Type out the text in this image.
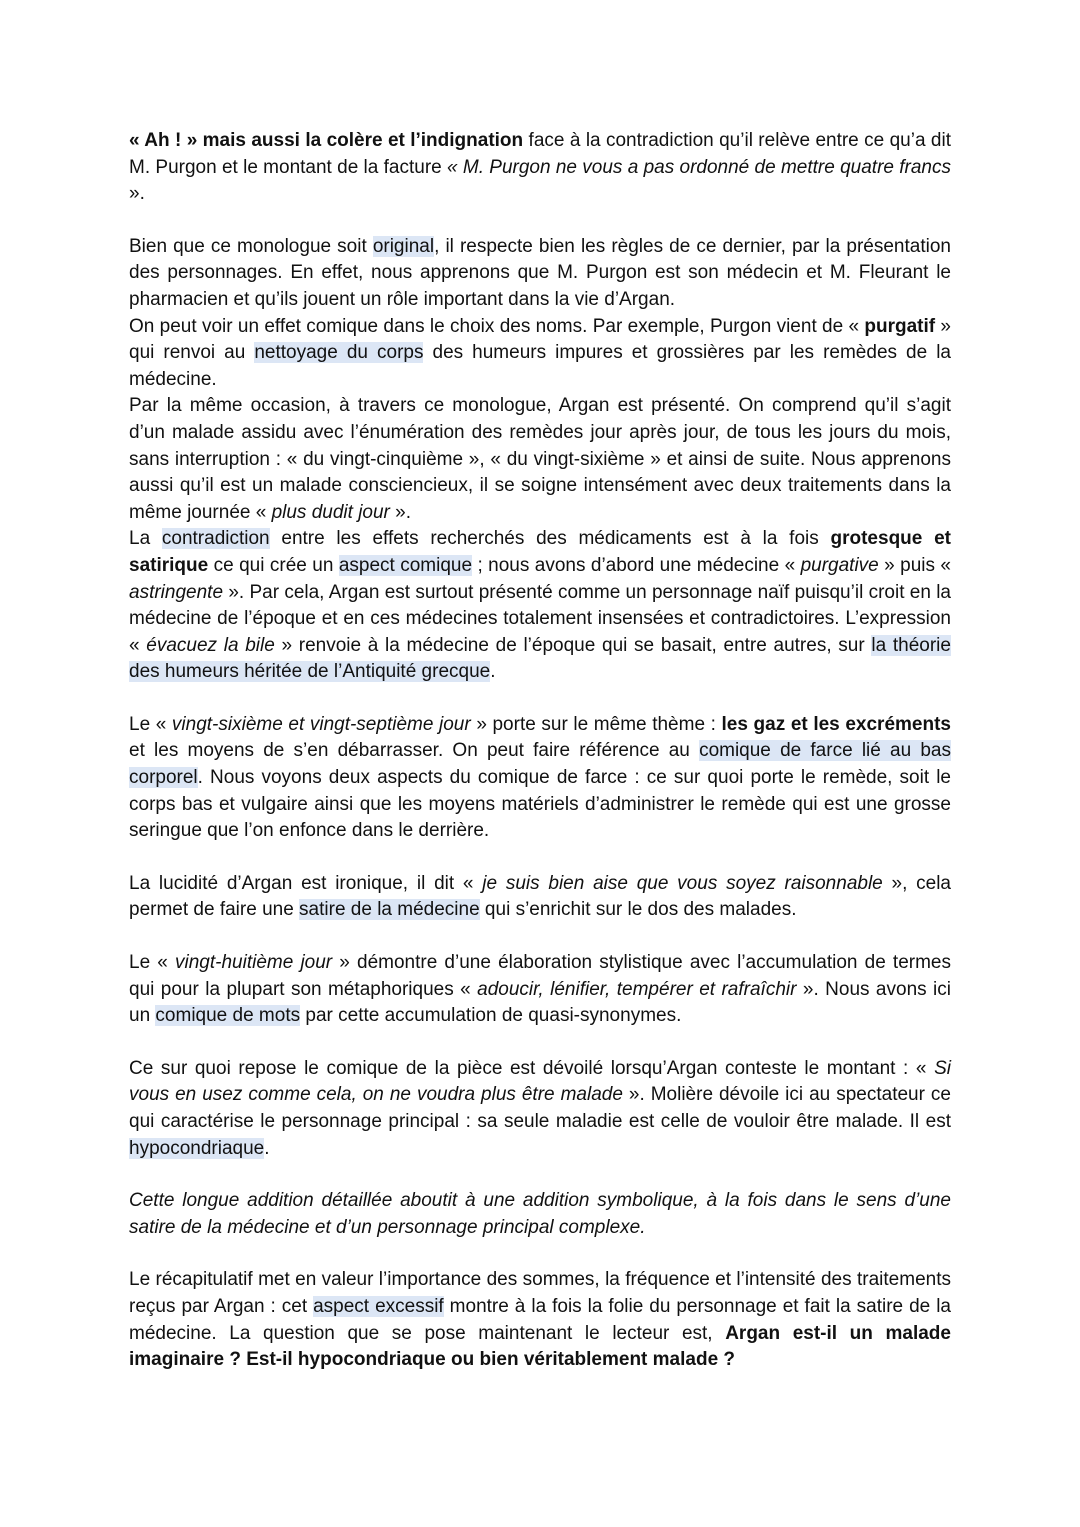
« Ah ! » mais aussi la colère et l’indignation face à la contradiction qu’il relève entre ce qu’a dit M. Purgon et le montant de la facture « M. Purgon ne vous a pas ordonné de mettre quatre francs ».

Bien que ce monologue soit original, il respecte bien les règles de ce dernier, par la présentation des personnages. En effet, nous apprenons que M. Purgon est son médecin et M. Fleurant le pharmacien et qu’ils jouent un rôle important dans la vie d’Argan.

On peut voir un effet comique dans le choix des noms. Par exemple, Purgon vient de « purgatif » qui renvoi au nettoyage du corps des humeurs impures et grossières par les remèdes de la médecine.

Par la même occasion, à travers ce monologue, Argan est présenté. On comprend qu’il s’agit d’un malade assidu avec l’énumération des remèdes jour après jour, de tous les jours du mois, sans interruption : « du vingt-cinquième », « du vingt-sixième » et ainsi de suite. Nous apprenons aussi qu’il est un malade consciencieux, il se soigne intensément avec deux traitements dans la même journée « plus dudit jour ».

La contradiction entre les effets recherchés des médicaments est à la fois grotesque et satirique ce qui crée un aspect comique ; nous avons d’abord une médecine « purgative » puis « astringente ». Par cela, Argan est surtout présenté comme un personnage naïf puisqu’il croit en la médecine de l’époque et en ces médecines totalement insensées et contradictoires. L’expression « évacuez la bile » renvoie à la médecine de l’époque qui se basait, entre autres, sur la théorie des humeurs héritée de l’Antiquité grecque.

Le « vingt-sixième et vingt-septième jour » porte sur le même thème : les gaz et les excréments et les moyens de s’en débarrasser. On peut faire référence au comique de farce lié au bas corporel. Nous voyons deux aspects du comique de farce : ce sur quoi porte le remède, soit le corps bas et vulgaire ainsi que les moyens matériels d’administrer le remède qui est une grosse seringue que l’on enfonce dans le derrière.

La lucidité d’Argan est ironique, il dit « je suis bien aise que vous soyez raisonnable », cela permet de faire une satire de la médecine qui s’enrichit sur le dos des malades.

Le « vingt-huitième jour » démontre d’une élaboration stylistique avec l’accumulation de termes qui pour la plupart son métaphoriques « adoucir, lénifier, tempérer et rafraîchir ». Nous avons ici un comique de mots par cette accumulation de quasi-synonymes.

Ce sur quoi repose le comique de la pièce est dévoilé lorsqu’Argan conteste le montant : « Si vous en usez comme cela, on ne voudra plus être malade ». Molière dévoile ici au spectateur ce qui caractérise le personnage principal : sa seule maladie est celle de vouloir être malade. Il est hypocondriaque.

Cette longue addition détaillée aboutit à une addition symbolique, à la fois dans le sens d’une satire de la médecine et d’un personnage principal complexe.

Le récapitulatif met en valeur l’importance des sommes, la fréquence et l’intensité des traitements reçus par Argan : cet aspect excessif montre à la fois la folie du personnage et fait la satire de la médecine. La question que se pose maintenant le lecteur est, Argan est-il un malade imaginaire ? Est-il hypocondriaque ou bien véritablement malade ?
